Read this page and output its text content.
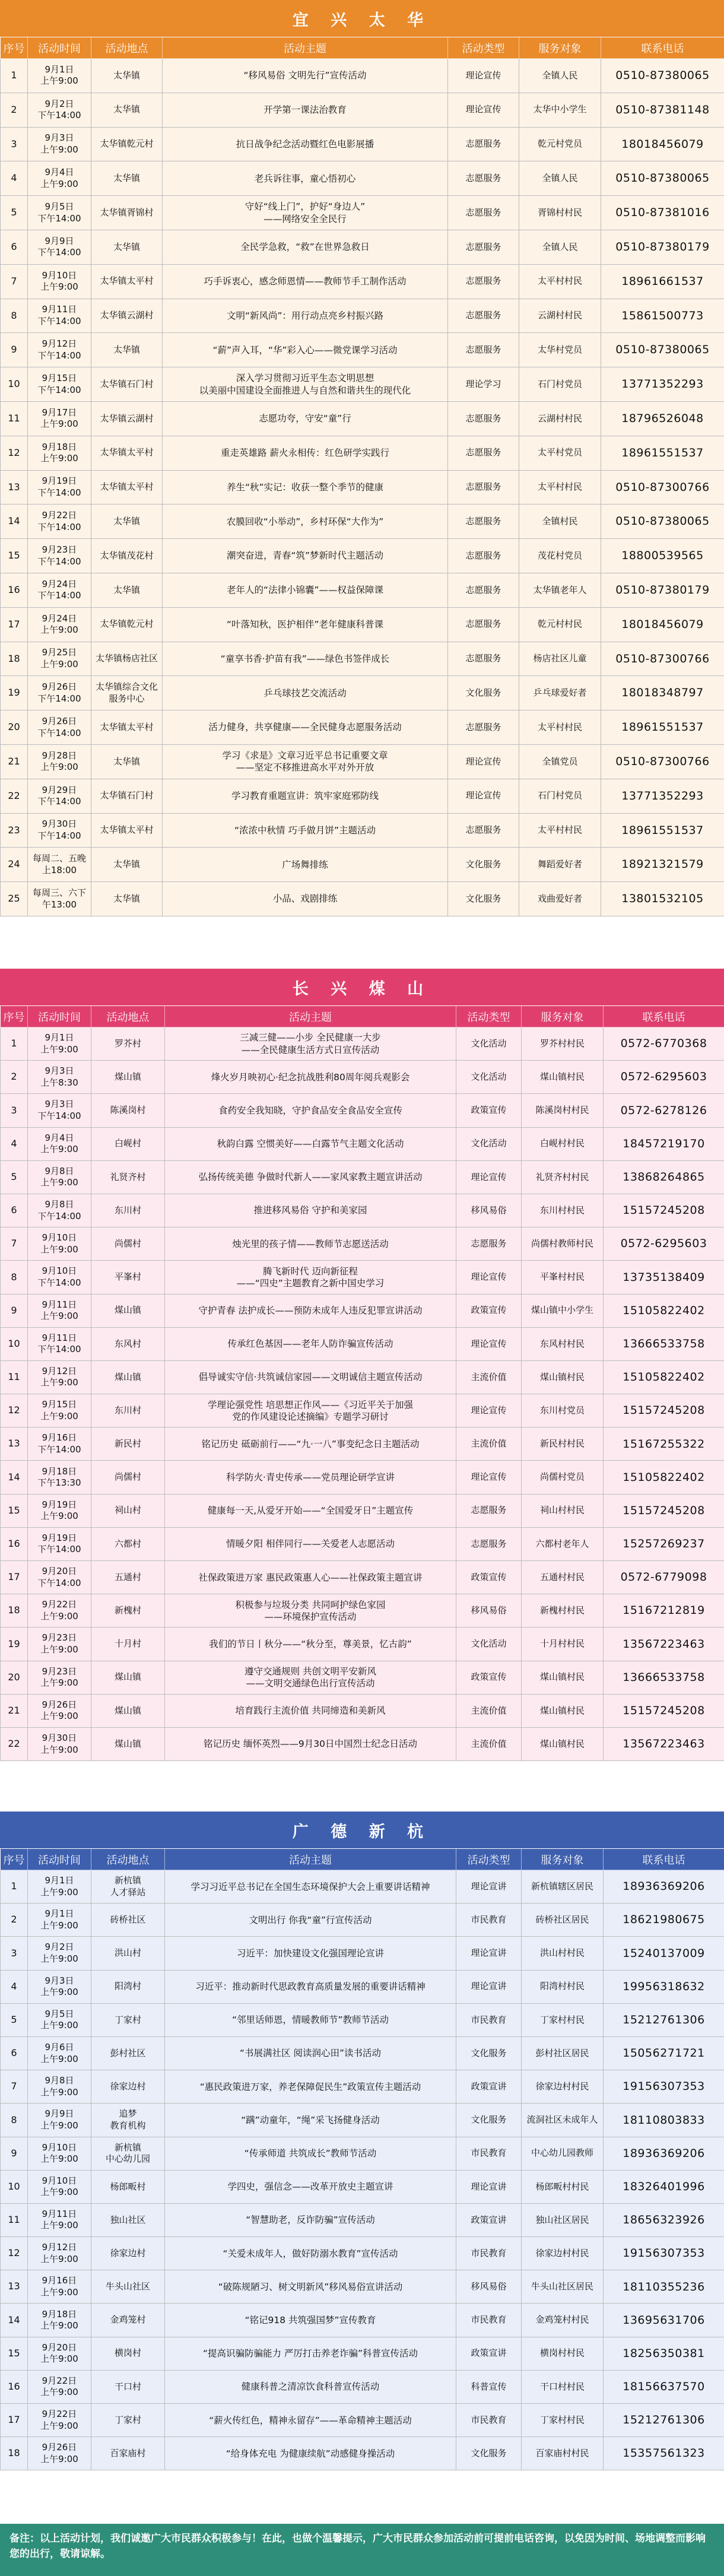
宜 兴 太 华
序号	活动时间	活动地点	活动主题	活动类型	服务对象	联系电话
1	9月1日
上午9:00	太华镇	“移风易俗 文明先行”宣传活动	理论宣传	全镇人民	0510-87380065
2	9月2日
下午14:00	太华镇	开学第一课法治教育	理论宣传	太华中小学生	0510-87381148
3	9月3日
上午9:00	太华镇乾元村	抗日战争纪念活动暨红色电影展播	志愿服务	乾元村党员	18018456079
4	9月4日
上午9:00	太华镇	老兵诉往事，童心悟初心	志愿服务	全镇人民	0510-87380065
5	9月5日
下午14:00	太华镇胥锦村	守好“线上门”，护好“身边人”
——网络安全全民行	志愿服务	胥锦村村民	0510-87381016
6	9月9日
下午14:00	太华镇	全民学急救，“救”在世界急救日	志愿服务	全镇人民	0510-87380179
7	9月10日
上午9:00	太华镇太平村	巧手诉衷心，感念师恩情——教师节手工制作活动	志愿服务	太平村村民	18961661537
8	9月11日
下午14:00	太华镇云湖村	文明“新风尚”：用行动点亮乡村振兴路	志愿服务	云湖村村民	15861500773
9	9月12日
下午14:00	太华镇	“薪”声入耳，“华”彩入心——微党课学习活动	志愿服务	太华村党员	0510-87380065
10	9月15日
下午14:00	太华镇石门村	深入学习贯彻习近平生态文明思想
以美丽中国建设全面推进人与自然和谐共生的现代化	理论学习	石门村党员	13771352293
11	9月17日
上午9:00	太华镇云湖村	志愿功夸，守安“童”行	志愿服务	云湖村村民	18796526048
12	9月18日
上午9:00	太华镇太平村	重走英雄路 薪火永相传：红色研学实践行	志愿服务	太平村党员	18961551537
13	9月19日
下午14:00	太华镇太平村	养生“秋”实记：收获一整个季节的健康	志愿服务	太平村村民	0510-87300766
14	9月22日
下午14:00	太华镇	农膜回收“小举动”，乡村环保“大作为”	志愿服务	全镇村民	0510-87380065
15	9月23日
下午14:00	太华镇茂花村	潮突奋进，青春“筑”梦新时代主题活动	志愿服务	茂花村党员	18800539565
16	9月24日
下午14:00	太华镇	老年人的“法律小锦囊”——权益保障课	志愿服务	太华镇老年人	0510-87380179
17	9月24日
上午9:00	太华镇乾元村	“叶落知秋，医护相伴”老年健康科普课	志愿服务	乾元村村民	18018456079
18	9月25日
上午9:00	太华镇杨店社区	“童享书香·护苗有我”——绿色书签伴成长	志愿服务	杨店社区儿童	0510-87300766
19	9月26日
下午14:00	太华镇综合文化服务中心	乒乓球技艺交流活动	文化服务	乒乓球爱好者	18018348797
20	9月26日
下午14:00	太华镇太平村	活力健身，共享健康——全民健身志愿服务活动	志愿服务	太平村村民	18961551537
21	9月28日
上午9:00	太华镇	学习《求是》文章习近平总书记重要文章
——坚定不移推进高水平对外开放	理论宣传	全镇党员	0510-87300766
22	9月29日
下午14:00	太华镇石门村	学习教育重题宣讲：筑牢家庭邪防线	理论宣传	石门村党员	13771352293
23	9月30日
下午14:00	太华镇太平村	“浓浓中秋情 巧手做月饼”主题活动	志愿服务	太平村村民	18961551537
24	每周二、五晚上18:00	太华镇	广场舞排练	文化服务	舞蹈爱好者	18921321579
25	每周三、六下午13:00	太华镇	小品、戏剧排练	文化服务	戏曲爱好者	13801532105
长 兴 煤 山
序号	活动时间	活动地点	活动主题	活动类型	服务对象	联系电话
1	9月1日
上午9:00	罗芥村	三减三健——小步 全民健康一大步
——全民健康生活方式日宣传活动	文化活动	罗芥村村民	0572-6770368
2	9月3日
上午8:30	煤山镇	烽火岁月映初心·纪念抗战胜利80周年阅兵观影会	文化活动	煤山镇村民	0572-6295603
3	9月3日
下午14:00	陈溪岗村	食药安全我知晓，守护食品安全食品安全宣传	政策宣传	陈溪岗村村民	0572-6278126
4	9月4日
上午9:00	白岘村	秋韵白露 空惯美好——白露节气主题文化活动	文化活动	白岘村村民	18457219170
5	9月8日
上午9:00	礼贤齐村	弘扬传统美德 争做时代新人——家风家教主题宣讲活动	理论宣传	礼贤齐村村民	13868264865
6	9月8日
下午14:00	东川村	推进移风易俗 守护和美家园	移风易俗	东川村村民	15157245208
7	9月10日
上午9:00	尚儒村	烛光里的孩子情——教师节志愿送活动	志愿服务	尚儒村教师村民	0572-6295603
8	9月10日
下午14:00	平峯村	腾飞新时代 迈向新征程
——“四史”主题教育之新中国史学习	理论宣传	平峯村村民	13735138409
9	9月11日
上午9:00	煤山镇	守护青春 法护成长——预防未成年人违反犯罪宣讲活动	政策宣传	煤山镇中小学生	15105822402
10	9月11日
下午14:00	东风村	传承红色基因——老年人防诈骗宣传活动	理论宣传	东风村村民	13666533758
11	9月12日
上午9:00	煤山镇	倡导诚实守信·共筑诚信家园——文明诚信主题宣传活动	主流价值	煤山镇村民	15105822402
12	9月15日
上午9:00	东川村	学理论强党性 培思想正作风——《习近平关于加强
党的作风建设论述摘编》专题学习研讨	理论宣传	东川村党员	15157245208
13	9月16日
下午14:00	新民村	铭记历史 砥砺前行——“九·一八”事变纪念日主题活动	主流价值	新民村村民	15167255322
14	9月18日
下午13:30	尚儒村	科学防火·青史传承——党员理论研学宣讲	理论宣传	尚儒村党员	15105822402
15	9月19日
上午9:00	祠山村	健康每一天,从爱牙开始——“全国爱牙日”主题宣传	志愿服务	祠山村村民	15157245208
16	9月19日
下午14:00	六都村	情暖夕阳 相伴同行——关爱老人志愿活动	志愿服务	六都村老年人	15257269237
17	9月20日
下午14:00	五通村	社保政策进万家 惠民政策惠人心——社保政策主题宣讲	政策宣传	五通村村民	0572-6779098
18	9月22日
上午9:00	新槐村	积极参与垃圾分类 共同呵护绿色家园
——环境保护宣传活动	移风易俗	新槐村村民	15167212819
19	9月23日
上午9:00	十月村	我们的节日丨秋分——“秋分至，尊美景，忆古韵”	文化活动	十月村村民	13567223463
20	9月23日
上午9:00	煤山镇	遵守交通规则 共创文明平安新风
——文明交通绿色出行宣传活动	政策宣传	煤山镇村民	13666533758
21	9月26日
上午9:00	煤山镇	培育践行主流价值 共同缔造和美新风	主流价值	煤山镇村民	15157245208
22	9月30日
上午9:00	煤山镇	铭记历史 缅怀英烈——9月30日中国烈士纪念日活动	主流价值	煤山镇村民	13567223463
广 德 新 杭
序号	活动时间	活动地点	活动主题	活动类型	服务对象	联系电话
1	9月1日
上午9:00	新杭镇
人才驿站	学习习近平总书记在全国生态环境保护大会上重要讲话精神	理论宣讲	新杭镇辖区居民	18936369206
2	9月1日
上午9:00	砖桥社区	文明出行 你我“童”行宣传活动	市民教育	砖桥社区居民	18621980675
3	9月2日
上午9:00	洪山村	习近平：加快建设文化强国理论宣讲	理论宣讲	洪山村村民	15240137009
4	9月3日
上午9:00	阳湾村	习近平：推动新时代思政教育高质量发展的重要讲话精神	理论宣讲	阳湾村村民	19956318632
5	9月5日
上午9:00	丁家村	“邻里话师恩，情暖教师节”教师节活动	市民教育	丁家村村民	15212761306
6	9月6日
上午9:00	彭村社区	“书展满社区 阅读润心田”读书活动	文化服务	彭村社区居民	15056271721
7	9月8日
上午9:00	徐家边村	“惠民政策进万家，养老保障促民生”政策宣传主题活动	政策宣讲	徐家边村村民	19156307353
8	9月9日
上午9:00	追梦
教育机构	“蹒”动童年，“绳”采飞扬健身活动	文化服务	流洞社区未成年人	18110803833
9	9月10日
上午9:00	新杭镇
中心幼儿园	“传承师道 共筑成长”教师节活动	市民教育	中心幼儿园教师	18936369206
10	9月10日
上午9:00	杨郎畈村	学四史，强信念——改革开放史主题宣讲	理论宣讲	杨郎畈村村民	18326401996
11	9月11日
上午9:00	独山社区	“智慧助老，反诈防骗”宣传活动	政策宣讲	独山社区居民	18656323926
12	9月12日
上午9:00	徐家边村	“关爱未成年人，做好防溺水教育”宣传活动	市民教育	徐家边村村民	19156307353
13	9月16日
上午9:00	牛头山社区	“破陈规陋习、树文明新风”移风易俗宣讲活动	移风易俗	牛头山社区居民	18110355236
14	9月18日
上午9:00	金鸡笼村	“铭记918 共筑强国梦”宣传教育	市民教育	金鸡笼村村民	13695631706
15	9月20日
上午9:00	横岗村	“提高识骗防骗能力 严厉打击养老诈骗”科普宣传活动	政策宣讲	横岗村村民	18256350381
16	9月22日
上午9:00	干口村	健康科普之清凉饮食科普宣传活动	科普宣传	干口村村民	18156637570
17	9月22日
上午9:00	丁家村	“薪火传红色，精神永留存”——革命精神主题活动	市民教育	丁家村村民	15212761306
18	9月26日
上午9:00	百家庙村	“给身体充电 为健康续航”动感健身操活动	文化服务	百家庙村村民	15357561323
备注：以上活动计划，我们诚邀广大市民群众积极参与！在此，也做个温馨提示，广大市民群众参加活动前可提前电话咨询，以免因为时间、场地调整而影响您的出行，敬请谅解。
